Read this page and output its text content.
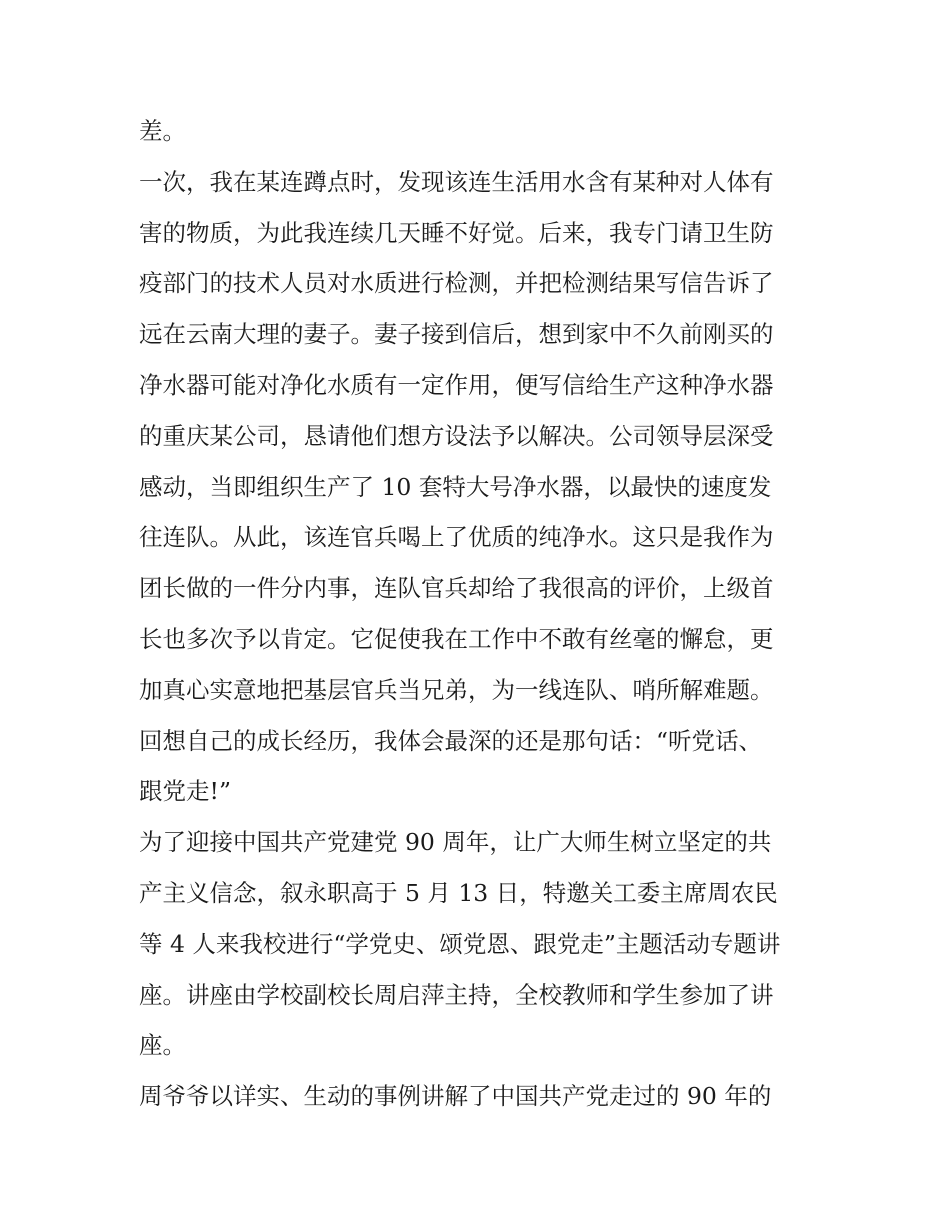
差。
一次，我在某连蹲点时，发现该连生活用水含有某种对人体有
害的物质，为此我连续几天睡不好觉。后来，我专门请卫生防
疫部门的技术人员对水质进行检测，并把检测结果写信告诉了
远在云南大理的妻子。妻子接到信后，想到家中不久前刚买的
净水器可能对净化水质有一定作用，便写信给生产这种净水器
的重庆某公司，恳请他们想方设法予以解决。公司领导层深受
感动，当即组织生产了 10 套特大号净水器，以最快的速度发
往连队。从此，该连官兵喝上了优质的纯净水。这只是我作为
团长做的一件分内事，连队官兵却给了我很高的评价，上级首
长也多次予以肯定。它促使我在工作中不敢有丝毫的懈怠，更
加真心实意地把基层官兵当兄弟，为一线连队、哨所解难题。
回想自己的成长经历，我体会最深的还是那句话：“听党话、
跟党走!”
为了迎接中国共产党建党 90 周年，让广大师生树立坚定的共
产主义信念，叙永职高于 5 月 13 日，特邀关工委主席周农民
等 4 人来我校进行“学党史、颂党恩、跟党走”主题活动专题讲
座。讲座由学校副校长周启萍主持，全校教师和学生参加了讲
座。
周爷爷以详实、生动的事例讲解了中国共产党走过的 90 年的
